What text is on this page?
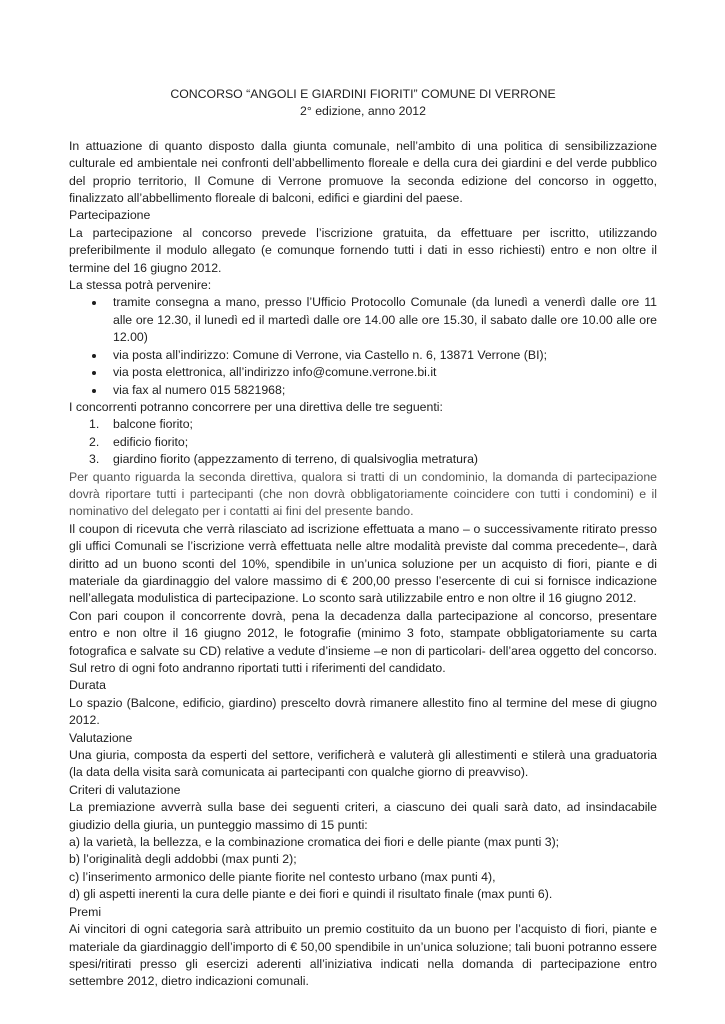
CONCORSO “ANGOLI E GIARDINI FIORITI” COMUNE DI VERRONE
2° edizione, anno 2012

In attuazione di quanto disposto dalla giunta comunale, nell’ambito di una politica di sensibilizzazione culturale ed ambientale nei confronti dell’abbellimento floreale e della cura dei giardini e del verde pubblico del proprio territorio, Il Comune di Verrone promuove la seconda edizione del concorso in oggetto, finalizzato all’abbellimento floreale di balconi, edifici e giardini del paese.

Partecipazione

La partecipazione al concorso prevede l’iscrizione gratuita, da effettuare per iscritto, utilizzando preferibilmente il modulo allegato (e comunque fornendo tutti i dati in esso richiesti) entro e non oltre il termine del 16 giugno 2012.

La stessa potrà pervenire:

tramite consegna a mano, presso l’Ufficio Protocollo Comunale (da lunedì a venerdì dalle ore 11 alle ore 12.30, il lunedì ed il martedì dalle ore 14.00 alle ore 15.30, il sabato dalle ore 10.00 alle ore 12.00)
via posta all’indirizzo: Comune di Verrone, via Castello n. 6, 13871 Verrone (BI);
via posta elettronica, all’indirizzo info@comune.verrone.bi.it
via fax al numero 015 5821968;

I concorrenti potranno concorrere per una direttiva delle tre seguenti:

1. balcone fiorito;
2. edificio fiorito;
3. giardino fiorito (appezzamento di terreno, di qualsivoglia metratura)

Per quanto riguarda la seconda direttiva, qualora si tratti di un condominio, la domanda di partecipazione dovrà riportare tutti i partecipanti (che non dovrà obbligatoriamente coincidere con tutti i condomini) e il nominativo del delegato per i contatti ai fini del presente bando.

Il coupon di ricevuta che verrà rilasciato ad iscrizione effettuata a mano – o successivamente ritirato presso gli uffici Comunali se l’iscrizione verrà effettuata nelle altre modalità previste dal comma precedente–, darà diritto ad un buono sconti del 10%, spendibile in un’unica soluzione per un acquisto di fiori, piante e di materiale da giardinaggio del valore massimo di € 200,00 presso l’esercente di cui si fornisce indicazione nell’allegata modulistica di partecipazione. Lo sconto sarà utilizzabile entro e non oltre il 16 giugno 2012.

Con pari coupon il concorrente dovrà, pena la decadenza dalla partecipazione al concorso, presentare entro e non oltre il 16 giugno 2012, le fotografie (minimo 3 foto, stampate obbligatoriamente su carta fotografica e salvate su CD) relative a vedute d’insieme –e non di particolari- dell’area oggetto del concorso. Sul retro di ogni foto andranno riportati tutti i riferimenti del candidato.

Durata

Lo spazio (Balcone, edificio, giardino) prescelto dovrà rimanere allestito fino al termine del mese di giugno 2012.

Valutazione

Una giuria, composta da esperti del settore, verificherà e valuterà gli allestimenti e stilerà una graduatoria (la data della visita sarà comunicata ai partecipanti con qualche giorno di preavviso).

Criteri di valutazione

La premiazione avverrà sulla base dei seguenti criteri, a ciascuno dei quali sarà dato, ad insindacabile giudizio della giuria, un punteggio massimo di 15 punti:

a) la varietà, la bellezza, e la combinazione cromatica dei fiori e delle piante (max punti 3);

b) l’originalità degli addobbi (max punti 2);

c) l’inserimento armonico delle piante fiorite nel contesto urbano (max punti 4),

d) gli aspetti inerenti la cura delle piante e dei fiori e quindi il risultato finale (max punti 6).

Premi

Ai vincitori di ogni categoria sarà attribuito un premio costituito da un buono per l’acquisto di fiori, piante e materiale da giardinaggio dell’importo di € 50,00 spendibile in un’unica soluzione; tali buoni potranno essere spesi/ritirati presso gli esercizi aderenti all’iniziativa indicati nella domanda di partecipazione entro settembre 2012, dietro indicazioni comunali.
